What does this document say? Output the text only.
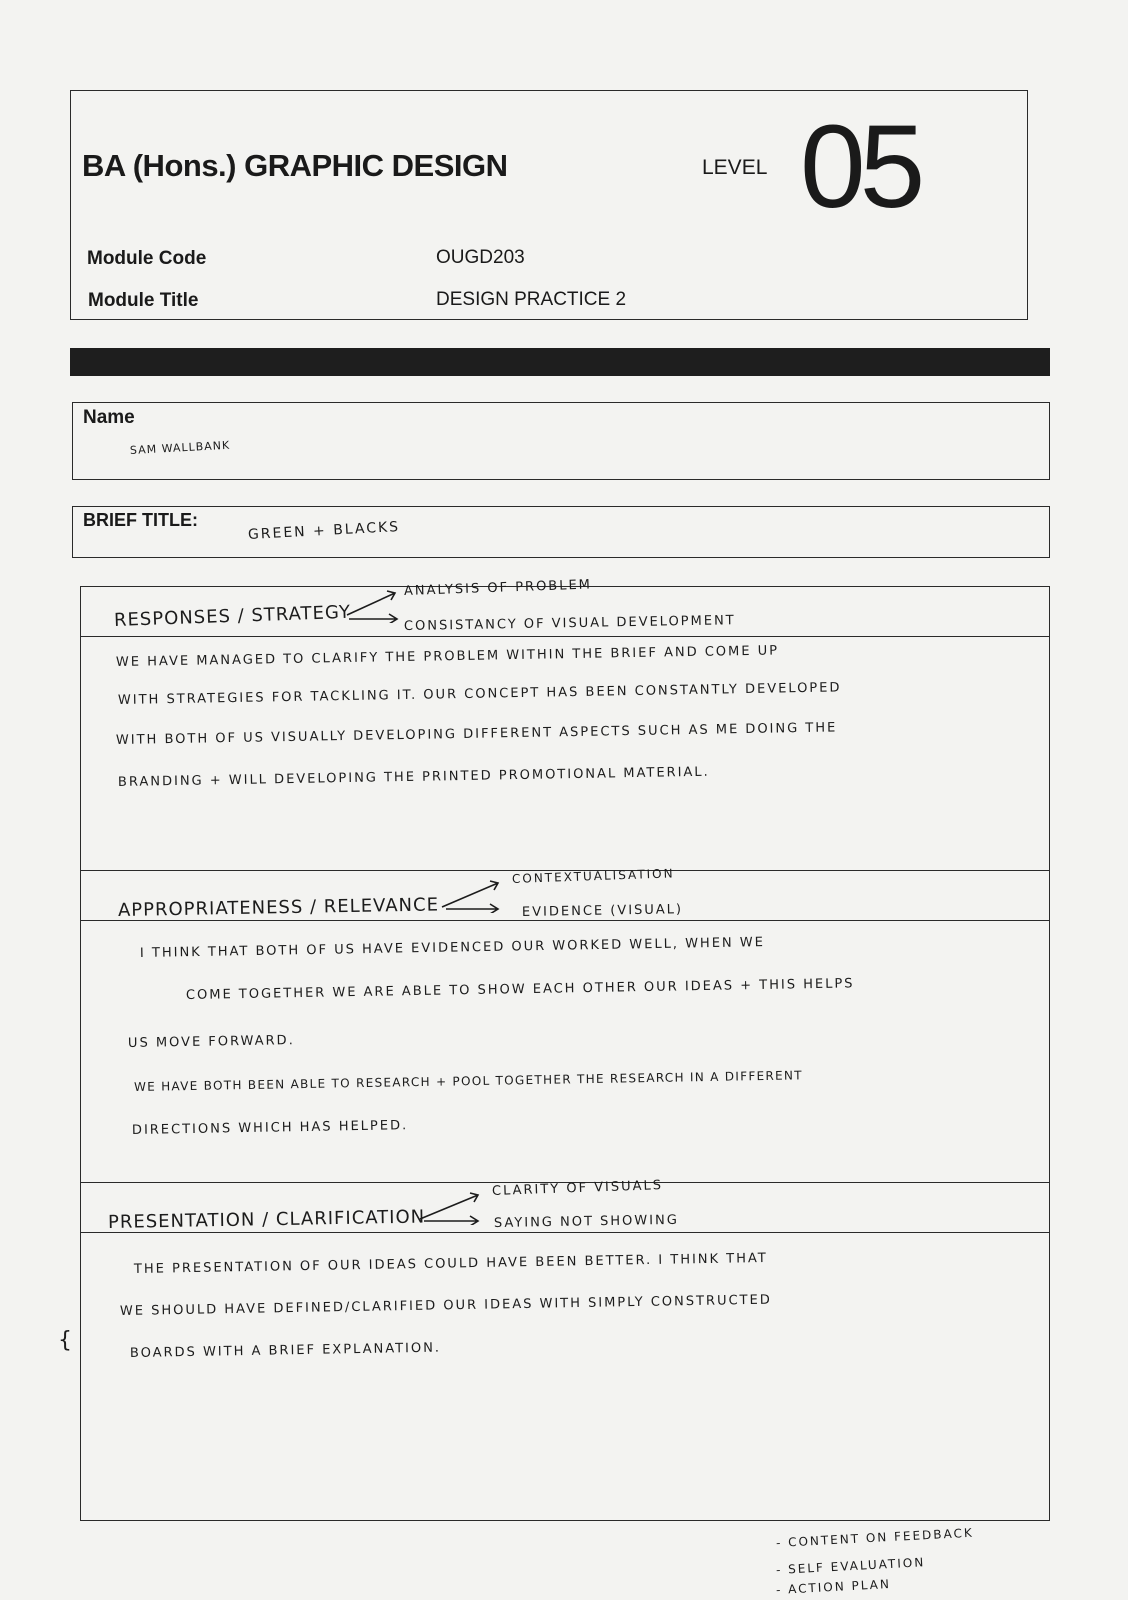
BA (Hons.) GRAPHIC DESIGN	LEVEL 05
Module Code	OUGD203
Module Title	DESIGN PRACTICE 2
Name
SAM WALLBANK
BRIEF TITLE:	GREEN + BLACKS
RESPONSES / STRATEGY
ANALYSIS OF PROBLEM
CONSISTANCY OF VISUAL DEVELOPMENT
WE HAVE MANAGED TO CLARIFY THE PROBLEM WITHIN THE BRIEF AND COME UP
WITH STRATEGIES FOR TACKLING IT. OUR CONCEPT HAS BEEN CONSTANTLY DEVELOPED
WITH BOTH OF US VISUALLY DEVELOPING DIFFERENT ASPECTS SUCH AS ME DOING THE
BRANDING + WILL DEVELOPING THE PRINTED PROMOTIONAL MATERIAL.
APPROPRIATENESS / RELEVANCE
CONTEXTUALISATION
EVIDENCE (VISUAL)
I THINK THAT BOTH OF US HAVE EVIDENCED OUR WORKED WELL, WHEN WE
COME TOGETHER WE ARE ABLE TO SHOW EACH OTHER OUR IDEAS + THIS HELPS
US MOVE FORWARD.
WE HAVE BOTH BEEN ABLE TO RESEARCH + POOL TOGETHER THE RESEARCH IN A DIFFERENT
DIRECTIONS WHICH HAS HELPED.
PRESENTATION / CLARIFICATION
CLARITY OF VISUALS
SAYING NOT SHOWING
THE PRESENTATION OF OUR IDEAS COULD HAVE BEEN BETTER. I THINK THAT
WE SHOULD HAVE DEFINED/CLARIFIED OUR IDEAS WITH SIMPLY CONSTRUCTED
BOARDS WITH A BRIEF EXPLANATION.
{
- CONTENT ON FEEDBACK
- SELF EVALUATION
- ACTION PLAN
